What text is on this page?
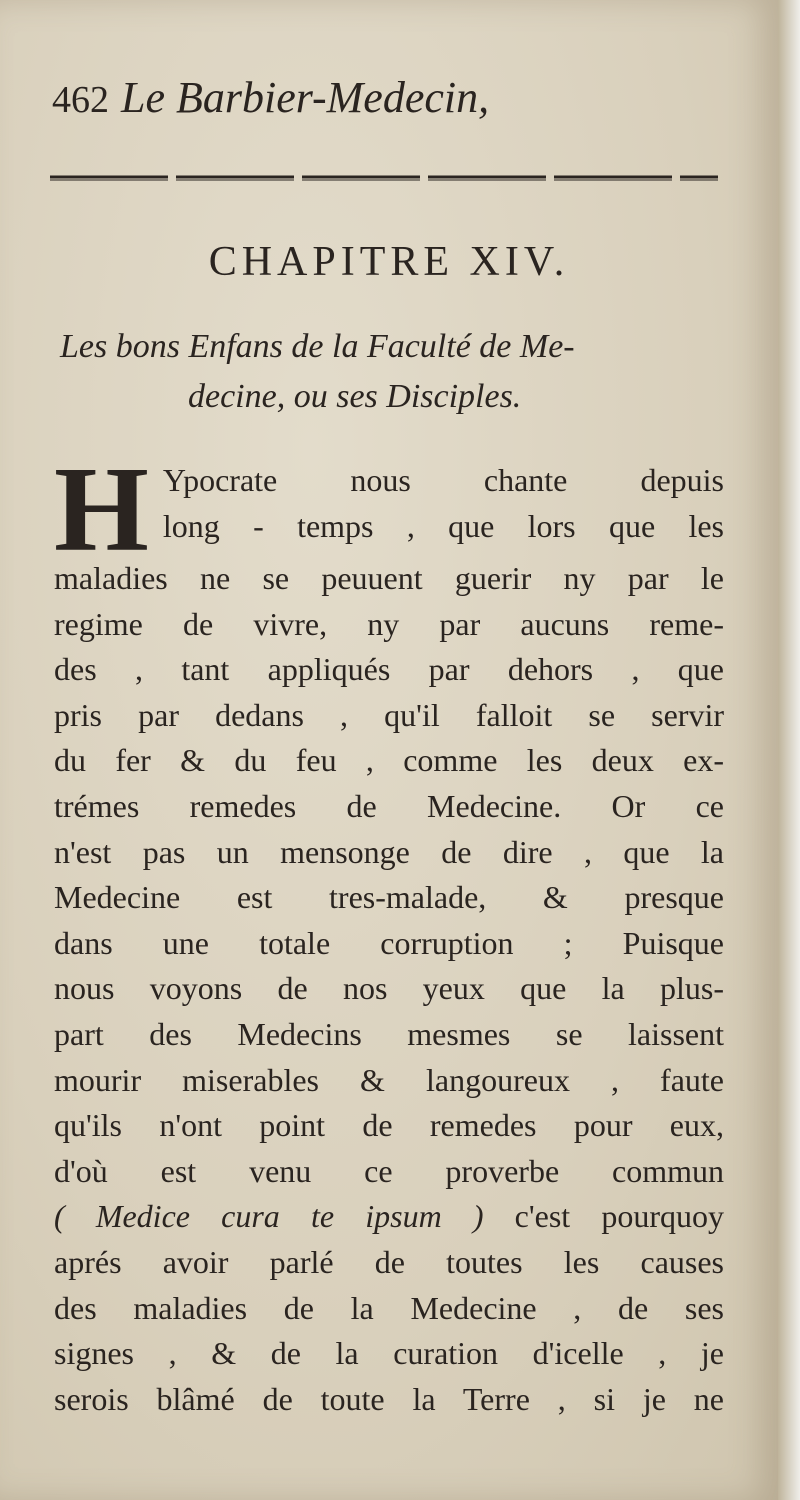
462 Le Barbier-Medecin,
CHAPITRE XIV.
Les bons Enfans de la Faculté de Me-
decine, ou ses Disciples.
H Ypocrate nous chante depuis
long - temps , que lors que les
maladies ne se peuuent guerir ny par le
regime de vivre, ny par aucuns reme-
des , tant appliqués par dehors , que
pris par dedans , qu'il falloit se servir
du fer & du feu , comme les deux ex-
trémes remedes de Medecine. Or ce
n'est pas un mensonge de dire , que la
Medecine est tres-malade, & presque
dans une totale corruption ; Puisque
nous voyons de nos yeux que la plus-
part des Medecins mesmes se laissent
mourir miserables & langoureux , faute
qu'ils n'ont point de remedes pour eux,
d'où est venu ce proverbe commun
( Medice cura te ipsum ) c'est pourquoy
aprés avoir parlé de toutes les causes
des maladies de la Medecine , de ses
signes , & de la curation d'icelle , je
serois blâmé de toute la Terre , si je ne
